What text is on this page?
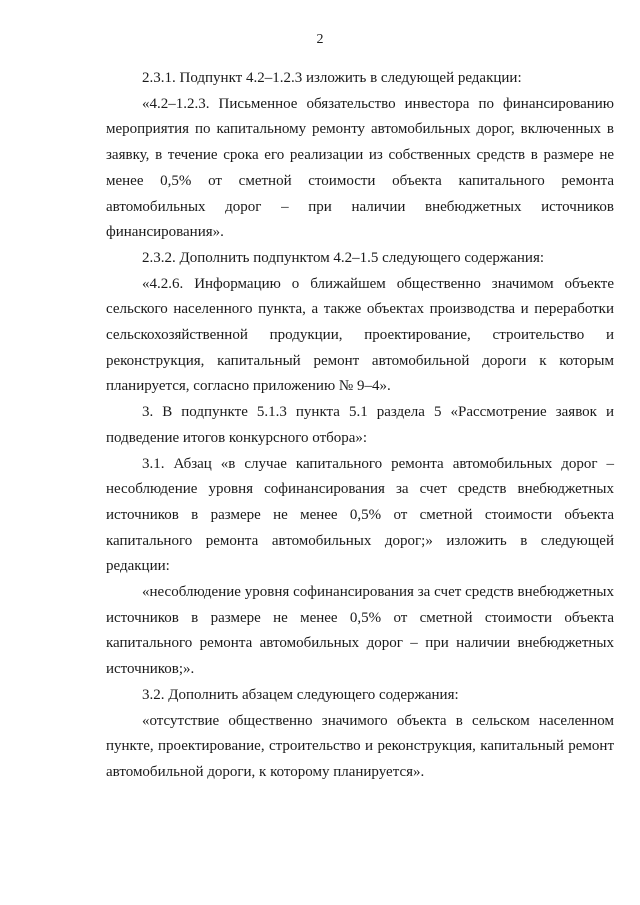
2

2.3.1. Подпункт 4.2–1.2.3 изложить в следующей редакции:

«4.2–1.2.3. Письменное обязательство инвестора по финансированию мероприятия по капитальному ремонту автомобильных дорог, включенных в заявку, в течение срока его реализации из собственных средств в размере не менее 0,5% от сметной стоимости объекта капитального ремонта автомобильных дорог – при наличии внебюджетных источников финансирования».

2.3.2. Дополнить подпунктом 4.2–1.5 следующего содержания:

«4.2.6. Информацию о ближайшем общественно значимом объекте сельского населенного пункта, а также объектах производства и переработки сельскохозяйственной продукции, проектирование, строительство и реконструкция, капитальный ремонт автомобильной дороги к которым планируется, согласно приложению № 9–4».

3. В подпункте 5.1.3 пункта 5.1 раздела 5 «Рассмотрение заявок и подведение итогов конкурсного отбора»:

3.1. Абзац «в случае капитального ремонта автомобильных дорог – несоблюдение уровня софинансирования за счет средств внебюджетных источников в размере не менее 0,5% от сметной стоимости объекта капитального ремонта автомобильных дорог;» изложить в следующей редакции:

«несоблюдение уровня софинансирования за счет средств внебюджетных источников в размере не менее 0,5% от сметной стоимости объекта капитального ремонта автомобильных дорог – при наличии внебюджетных источников;».

3.2. Дополнить абзацем следующего содержания:

«отсутствие общественно значимого объекта в сельском населенном пункте, проектирование, строительство и реконструкция, капитальный ремонт автомобильной дороги, к которому планируется».
